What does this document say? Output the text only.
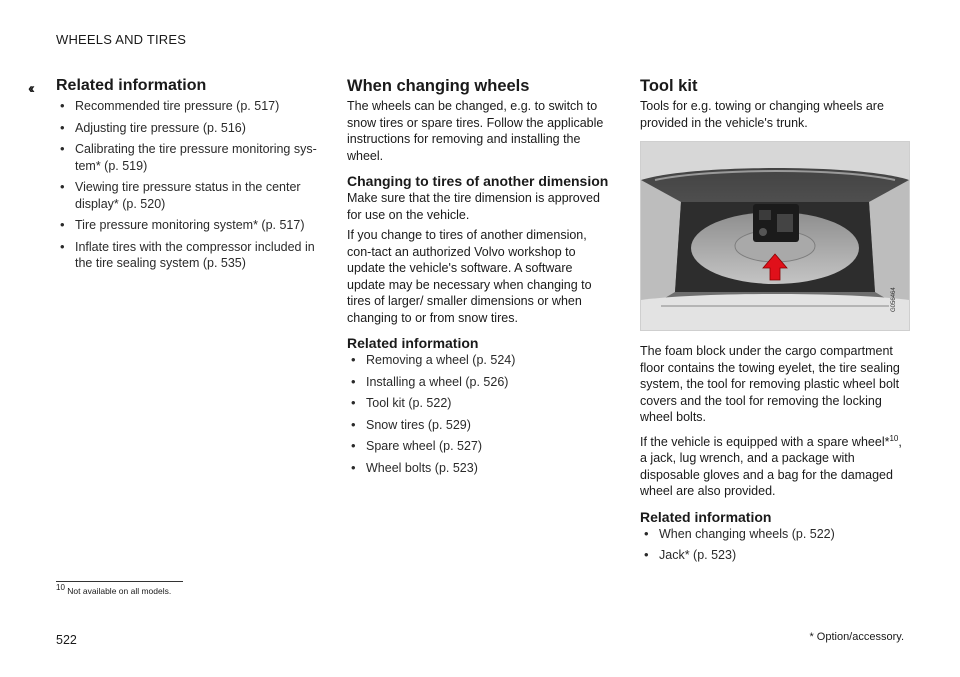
‹‹
WHEELS AND TIRES
Related information
• Recommended tire pressure (p. 517)
• Adjusting tire pressure (p. 516)
• Calibrating the tire pressure monitoring sys-tem* (p. 519)
• Viewing tire pressure status in the center display* (p. 520)
• Tire pressure monitoring system* (p. 517)
• Inflate tires with the compressor included in the tire sealing system (p. 535)
When changing wheels

The wheels can be changed, e.g. to switch to snow tires or spare tires. Follow the applicable instructions for removing and installing the wheel.

Changing to tires of another dimension

Make sure that the tire dimension is approved for use on the vehicle.

If you change to tires of another dimension, con-tact an authorized Volvo workshop to update the vehicle's software. A software update may be necessary when changing to tires of larger/ smaller dimensions or when changing to or from snow tires.

Related information
• Removing a wheel (p. 524)
• Installing a wheel (p. 526)
• Tool kit (p. 522)
• Snow tires (p. 529)
• Spare wheel (p. 527)
• Wheel bolts (p. 523)
Tool kit

Tools for e.g. towing or changing wheels are provided in the vehicle's trunk.

G056464

The foam block under the cargo compartment floor contains the towing eyelet, the tire sealing system, the tool for removing plastic wheel bolt covers and the tool for removing the locking wheel bolts.

If the vehicle is equipped with a spare wheel*$^{10}$, a jack, lug wrench, and a package with disposable gloves and a bag for the damaged wheel are also provided.

Related information
• When changing wheels (p. 522)
• Jack* (p. 523)
$^{10}$ Not available on all models.
522	* Option/accessory.
